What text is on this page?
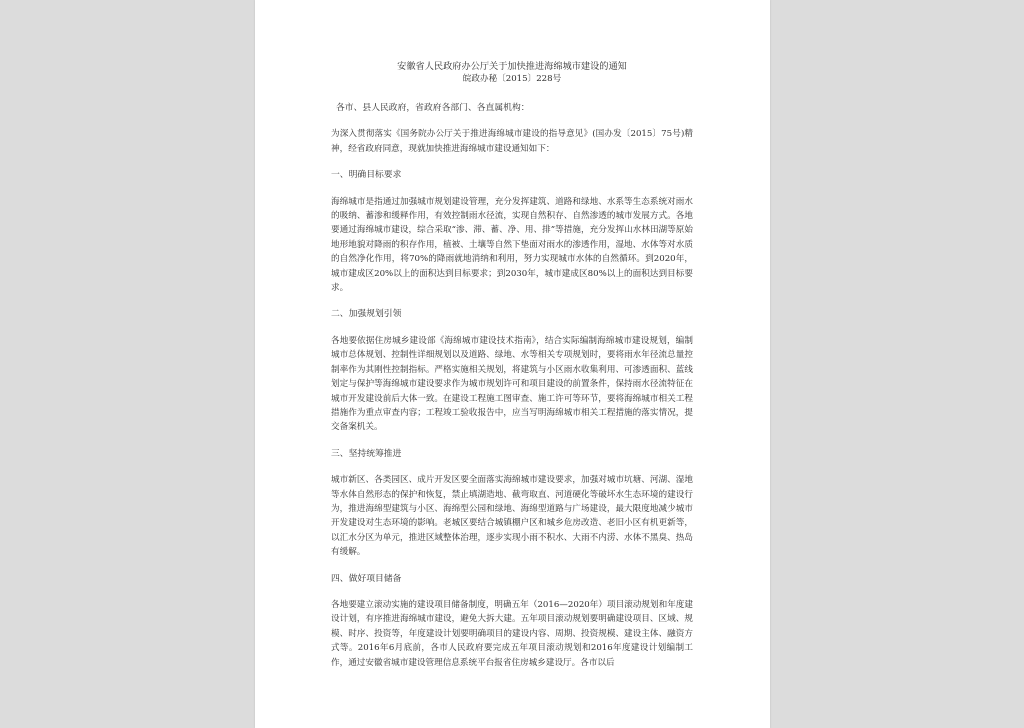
安徽省人民政府办公厅关于加快推进海绵城市建设的通知
皖政办秘〔2015〕228号
各市、县人民政府，省政府各部门、各直属机构：

为深入贯彻落实《国务院办公厅关于推进海绵城市建设的指导意见》(国办发〔2015〕75号)精神，经省政府同意，现就加快推进海绵城市建设通知如下：

一、明确目标要求

海绵城市是指通过加强城市规划建设管理，充分发挥建筑、道路和绿地、水系等生态系统对雨水的吸纳、蓄渗和缓释作用，有效控制雨水径流，实现自然积存、自然渗透的城市发展方式。各地要通过海绵城市建设，综合采取“渗、滞、蓄、净、用、排”等措施，充分发挥山水林田湖等原始地形地貌对降雨的积存作用，植被、土壤等自然下垫面对雨水的渗透作用，湿地、水体等对水质的自然净化作用，将70%的降雨就地消纳和利用，努力实现城市水体的自然循环。到2020年，城市建成区20%以上的面积达到目标要求；到2030年，城市建成区80%以上的面积达到目标要求。

二、加强规划引领

各地要依据住房城乡建设部《海绵城市建设技术指南》，结合实际编制海绵城市建设规划，编制城市总体规划、控制性详细规划以及道路、绿地、水等相关专项规划时，要将雨水年径流总量控制率作为其刚性控制指标。严格实施相关规划，将建筑与小区雨水收集利用、可渗透面积、蓝线划定与保护等海绵城市建设要求作为城市规划许可和项目建设的前置条件，保持雨水径流特征在城市开发建设前后大体一致。在建设工程施工图审查、施工许可等环节，要将海绵城市相关工程措施作为重点审查内容；工程竣工验收报告中，应当写明海绵城市相关工程措施的落实情况，提交备案机关。

三、坚持统筹推进

城市新区、各类园区、成片开发区要全面落实海绵城市建设要求，加强对城市坑塘、河湖、湿地等水体自然形态的保护和恢复，禁止填湖造地、截弯取直、河道硬化等破坏水生态环境的建设行为，推进海绵型建筑与小区、海绵型公园和绿地、海绵型道路与广场建设，最大限度地减少城市开发建设对生态环境的影响。老城区要结合城镇棚户区和城乡危房改造、老旧小区有机更新等，以汇水分区为单元，推进区域整体治理，逐步实现小雨不积水、大雨不内涝、水体不黑臭、热岛有缓解。

四、做好项目储备

各地要建立滚动实施的建设项目储备制度，明确五年（2016—2020年）项目滚动规划和年度建设计划，有序推进海绵城市建设，避免大拆大建。五年项目滚动规划要明确建设项目、区域、规模、时序、投资等，年度建设计划要明确项目的建设内容、周期、投资规模、建设主体、融资方式等。2016年6月底前，各市人民政府要完成五年项目滚动规划和2016年度建设计划编制工作，通过安徽省城市建设管理信息系统平台报省住房城乡建设厅。各市以后
